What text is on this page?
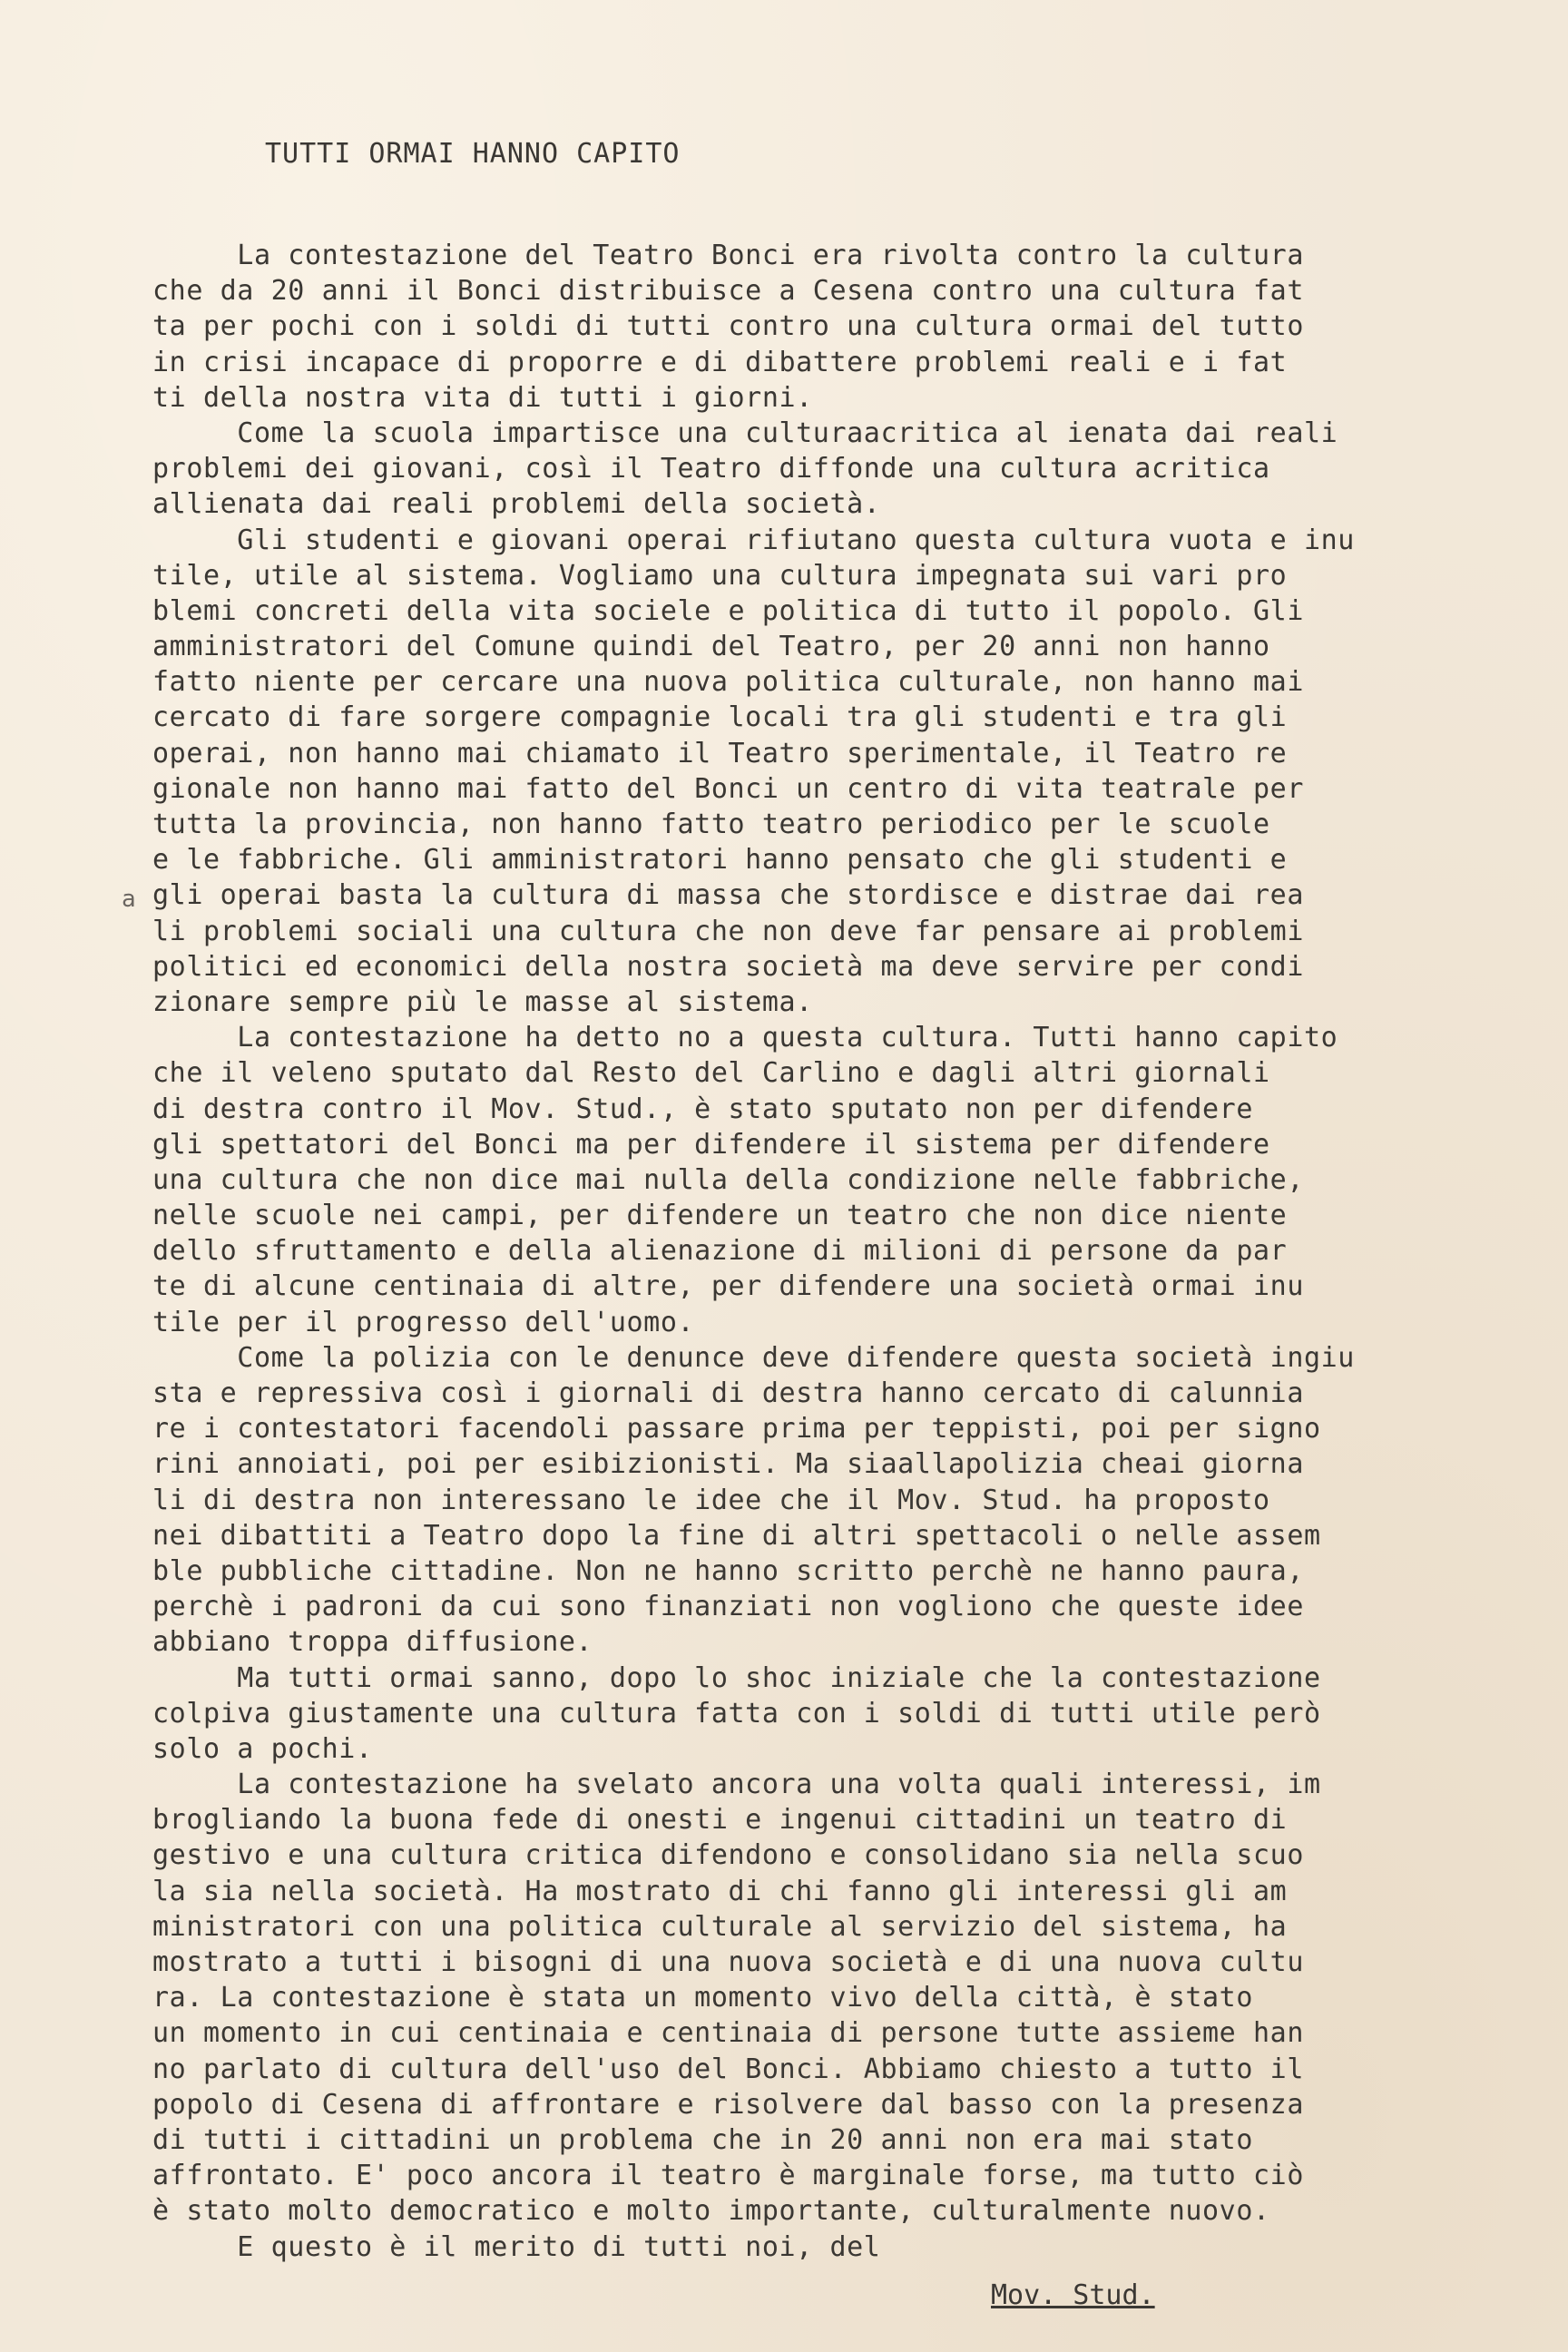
TUTTI ORMAI HANNO CAPITO
a
La contestazione del Teatro Bonci era rivolta contro la cultura
che da 20 anni il Bonci distribuisce a Cesena contro una cultura fat
ta per pochi con i soldi di tutti contro una cultura ormai del tutto
in crisi incapace di proporre e di dibattere problemi reali e i fat
ti della nostra vita di tutti i giorni.
Come la scuola impartisce una culturaacritica al ienata dai reali
problemi dei giovani, così il Teatro diffonde una cultura acritica
allienata dai reali problemi della società.
Gli studenti e giovani operai rifiutano questa cultura vuota e inu
tile, utile al sistema. Vogliamo una cultura impegnata sui vari pro
blemi concreti della vita sociele e politica di tutto il popolo. Gli
amministratori del Comune quindi del Teatro, per 20 anni non hanno
fatto niente per cercare una nuova politica culturale, non hanno mai
cercato di fare sorgere compagnie locali tra gli studenti e tra gli
operai, non hanno mai chiamato il Teatro sperimentale, il Teatro re
gionale non hanno mai fatto del Bonci un centro di vita teatrale per
tutta la provincia, non hanno fatto teatro periodico per le scuole
e le fabbriche. Gli amministratori hanno pensato che gli studenti e
gli operai basta la cultura di massa che stordisce e distrae dai rea
li problemi sociali una cultura che non deve far pensare ai problemi
politici ed economici della nostra società ma deve servire per condi
zionare sempre più le masse al sistema.
La contestazione ha detto no a questa cultura. Tutti hanno capito
che il veleno sputato dal Resto del Carlino e dagli altri giornali
di destra contro il Mov. Stud., è stato sputato non per difendere
gli spettatori del Bonci ma per difendere il sistema per difendere
una cultura che non dice mai nulla della condizione nelle fabbriche,
nelle scuole nei campi, per difendere un teatro che non dice niente
dello sfruttamento e della alienazione di milioni di persone da par
te di alcune centinaia di altre, per difendere una società ormai inu
tile per il progresso dell'uomo.
Come la polizia con le denunce deve difendere questa società ingiu
sta e repressiva così i giornali di destra hanno cercato di calunnia
re i contestatori facendoli passare prima per teppisti, poi per signo
rini annoiati, poi per esibizionisti. Ma siaallapolizia cheai giorna
li di destra non interessano le idee che il Mov. Stud. ha proposto
nei dibattiti a Teatro dopo la fine di altri spettacoli o nelle assem
ble pubbliche cittadine. Non ne hanno scritto perchè ne hanno paura,
perchè i padroni da cui sono finanziati non vogliono che queste idee
abbiano troppa diffusione.
Ma tutti ormai sanno, dopo lo shoc iniziale che la contestazione
colpiva giustamente una cultura fatta con i soldi di tutti utile però
solo a pochi.
La contestazione ha svelato ancora una volta quali interessi, im
brogliando la buona fede di onesti e ingenui cittadini un teatro di
gestivo e una cultura critica difendono e consolidano sia nella scuo
la sia nella società. Ha mostrato di chi fanno gli interessi gli am
ministratori con una politica culturale al servizio del sistema, ha
mostrato a tutti i bisogni di una nuova società e di una nuova cultu
ra. La contestazione è stata un momento vivo della città, è stato
un momento in cui centinaia e centinaia di persone tutte assieme han
no parlato di cultura dell'uso del Bonci. Abbiamo chiesto a tutto il
popolo di Cesena di affrontare e risolvere dal basso con la presenza
di tutti i cittadini un problema che in 20 anni non era mai stato
affrontato. E' poco ancora il teatro è marginale forse, ma tutto ciò
è stato molto democratico e molto importante, culturalmente nuovo.
E questo è il merito di tutti noi, del
Mov. Stud.
